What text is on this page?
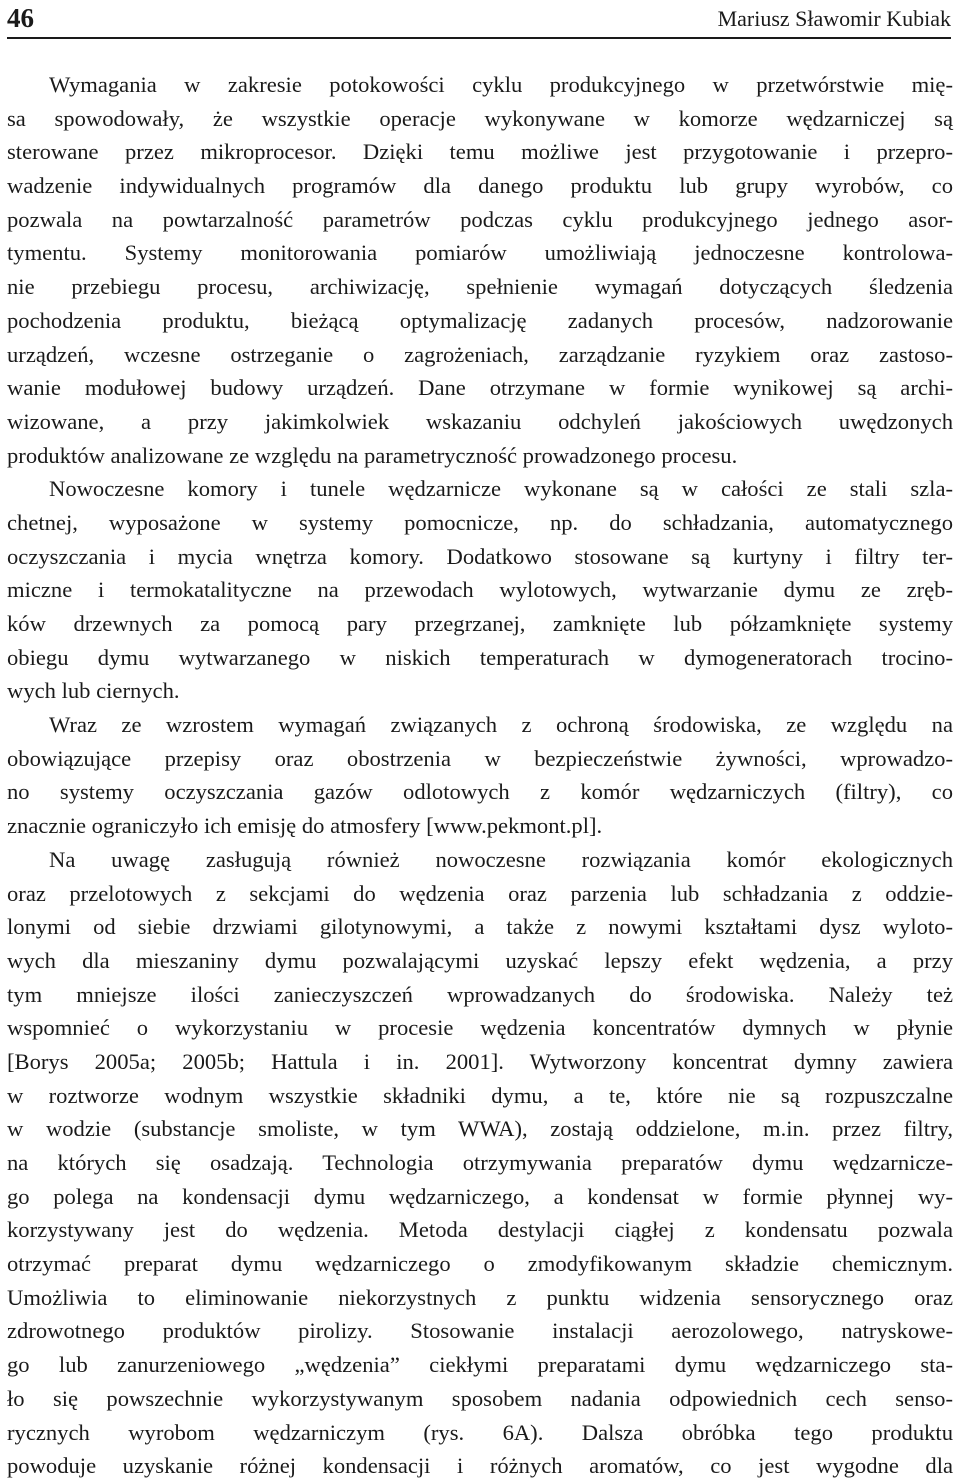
46	Mariusz Sławomir Kubiak
Wymagania w zakresie potokowości cyklu produkcyjnego w przetwórstwie mię-
sa spowodowały, że wszystkie operacje wykonywane w komorze wędzarniczej są
sterowane przez mikroprocesor. Dzięki temu możliwe jest przygotowanie i przepro-
wadzenie indywidualnych programów dla danego produktu lub grupy wyrobów, co
pozwala na powtarzalność parametrów podczas cyklu produkcyjnego jednego asor-
tymentu. Systemy monitorowania pomiarów umożliwiają jednoczesne kontrolowa-
nie przebiegu procesu, archiwizację, spełnienie wymagań dotyczących śledzenia
pochodzenia produktu, bieżącą optymalizację zadanych procesów, nadzorowanie
urządzeń, wczesne ostrzeganie o zagrożeniach, zarządzanie ryzykiem oraz zastoso-
wanie modułowej budowy urządzeń. Dane otrzymane w formie wynikowej są archi-
wizowane, a przy jakimkolwiek wskazaniu odchyleń jakościowych uwędzonych
produktów analizowane ze względu na parametryczność prowadzonego procesu.
Nowoczesne komory i tunele wędzarnicze wykonane są w całości ze stali szla-
chetnej, wyposażone w systemy pomocnicze, np. do schładzania, automatycznego
oczyszczania i mycia wnętrza komory. Dodatkowo stosowane są kurtyny i filtry ter-
miczne i termokatalityczne na przewodach wylotowych, wytwarzanie dymu ze zręb-
ków drzewnych za pomocą pary przegrzanej, zamknięte lub półzamknięte systemy
obiegu dymu wytwarzanego w niskich temperaturach w dymogeneratorach trocino-
wych lub ciernych.
Wraz ze wzrostem wymagań związanych z ochroną środowiska, ze względu na
obowiązujące przepisy oraz obostrzenia w bezpieczeństwie żywności, wprowadzo-
no systemy oczyszczania gazów odlotowych z komór wędzarniczych (filtry), co
znacznie ograniczyło ich emisję do atmosfery [www.pekmont.pl].
Na uwagę zasługują również nowoczesne rozwiązania komór ekologicznych
oraz przelotowych z sekcjami do wędzenia oraz parzenia lub schładzania z oddzie-
lonymi od siebie drzwiami gilotynowymi, a także z nowymi kształtami dysz wyloto-
wych dla mieszaniny dymu pozwalającymi uzyskać lepszy efekt wędzenia, a przy
tym mniejsze ilości zanieczyszczeń wprowadzanych do środowiska. Należy też
wspomnieć o wykorzystaniu w procesie wędzenia koncentratów dymnych w płynie
[Borys 2005a; 2005b; Hattula i in. 2001]. Wytworzony koncentrat dymny zawiera
w roztworze wodnym wszystkie składniki dymu, a te, które nie są rozpuszczalne
w wodzie (substancje smoliste, w tym WWA), zostają oddzielone, m.in. przez filtry,
na których się osadzają. Technologia otrzymywania preparatów dymu wędzarnicze-
go polega na kondensacji dymu wędzarniczego, a kondensat w formie płynnej wy-
korzystywany jest do wędzenia. Metoda destylacji ciągłej z kondensatu pozwala
otrzymać preparat dymu wędzarniczego o zmodyfikowanym składzie chemicznym.
Umożliwia to eliminowanie niekorzystnych z punktu widzenia sensorycznego oraz
zdrowotnego produktów pirolizy. Stosowanie instalacji aerozolowego, natryskowe-
go lub zanurzeniowego „wędzenia” ciekłymi preparatami dymu wędzarniczego sta-
ło się powszechnie wykorzystywanym sposobem nadania odpowiednich cech senso-
rycznych wyrobom wędzarniczym (rys. 6A). Dalsza obróbka tego produktu
powoduje uzyskanie różnej kondensacji i różnych aromatów, co jest wygodne dla
